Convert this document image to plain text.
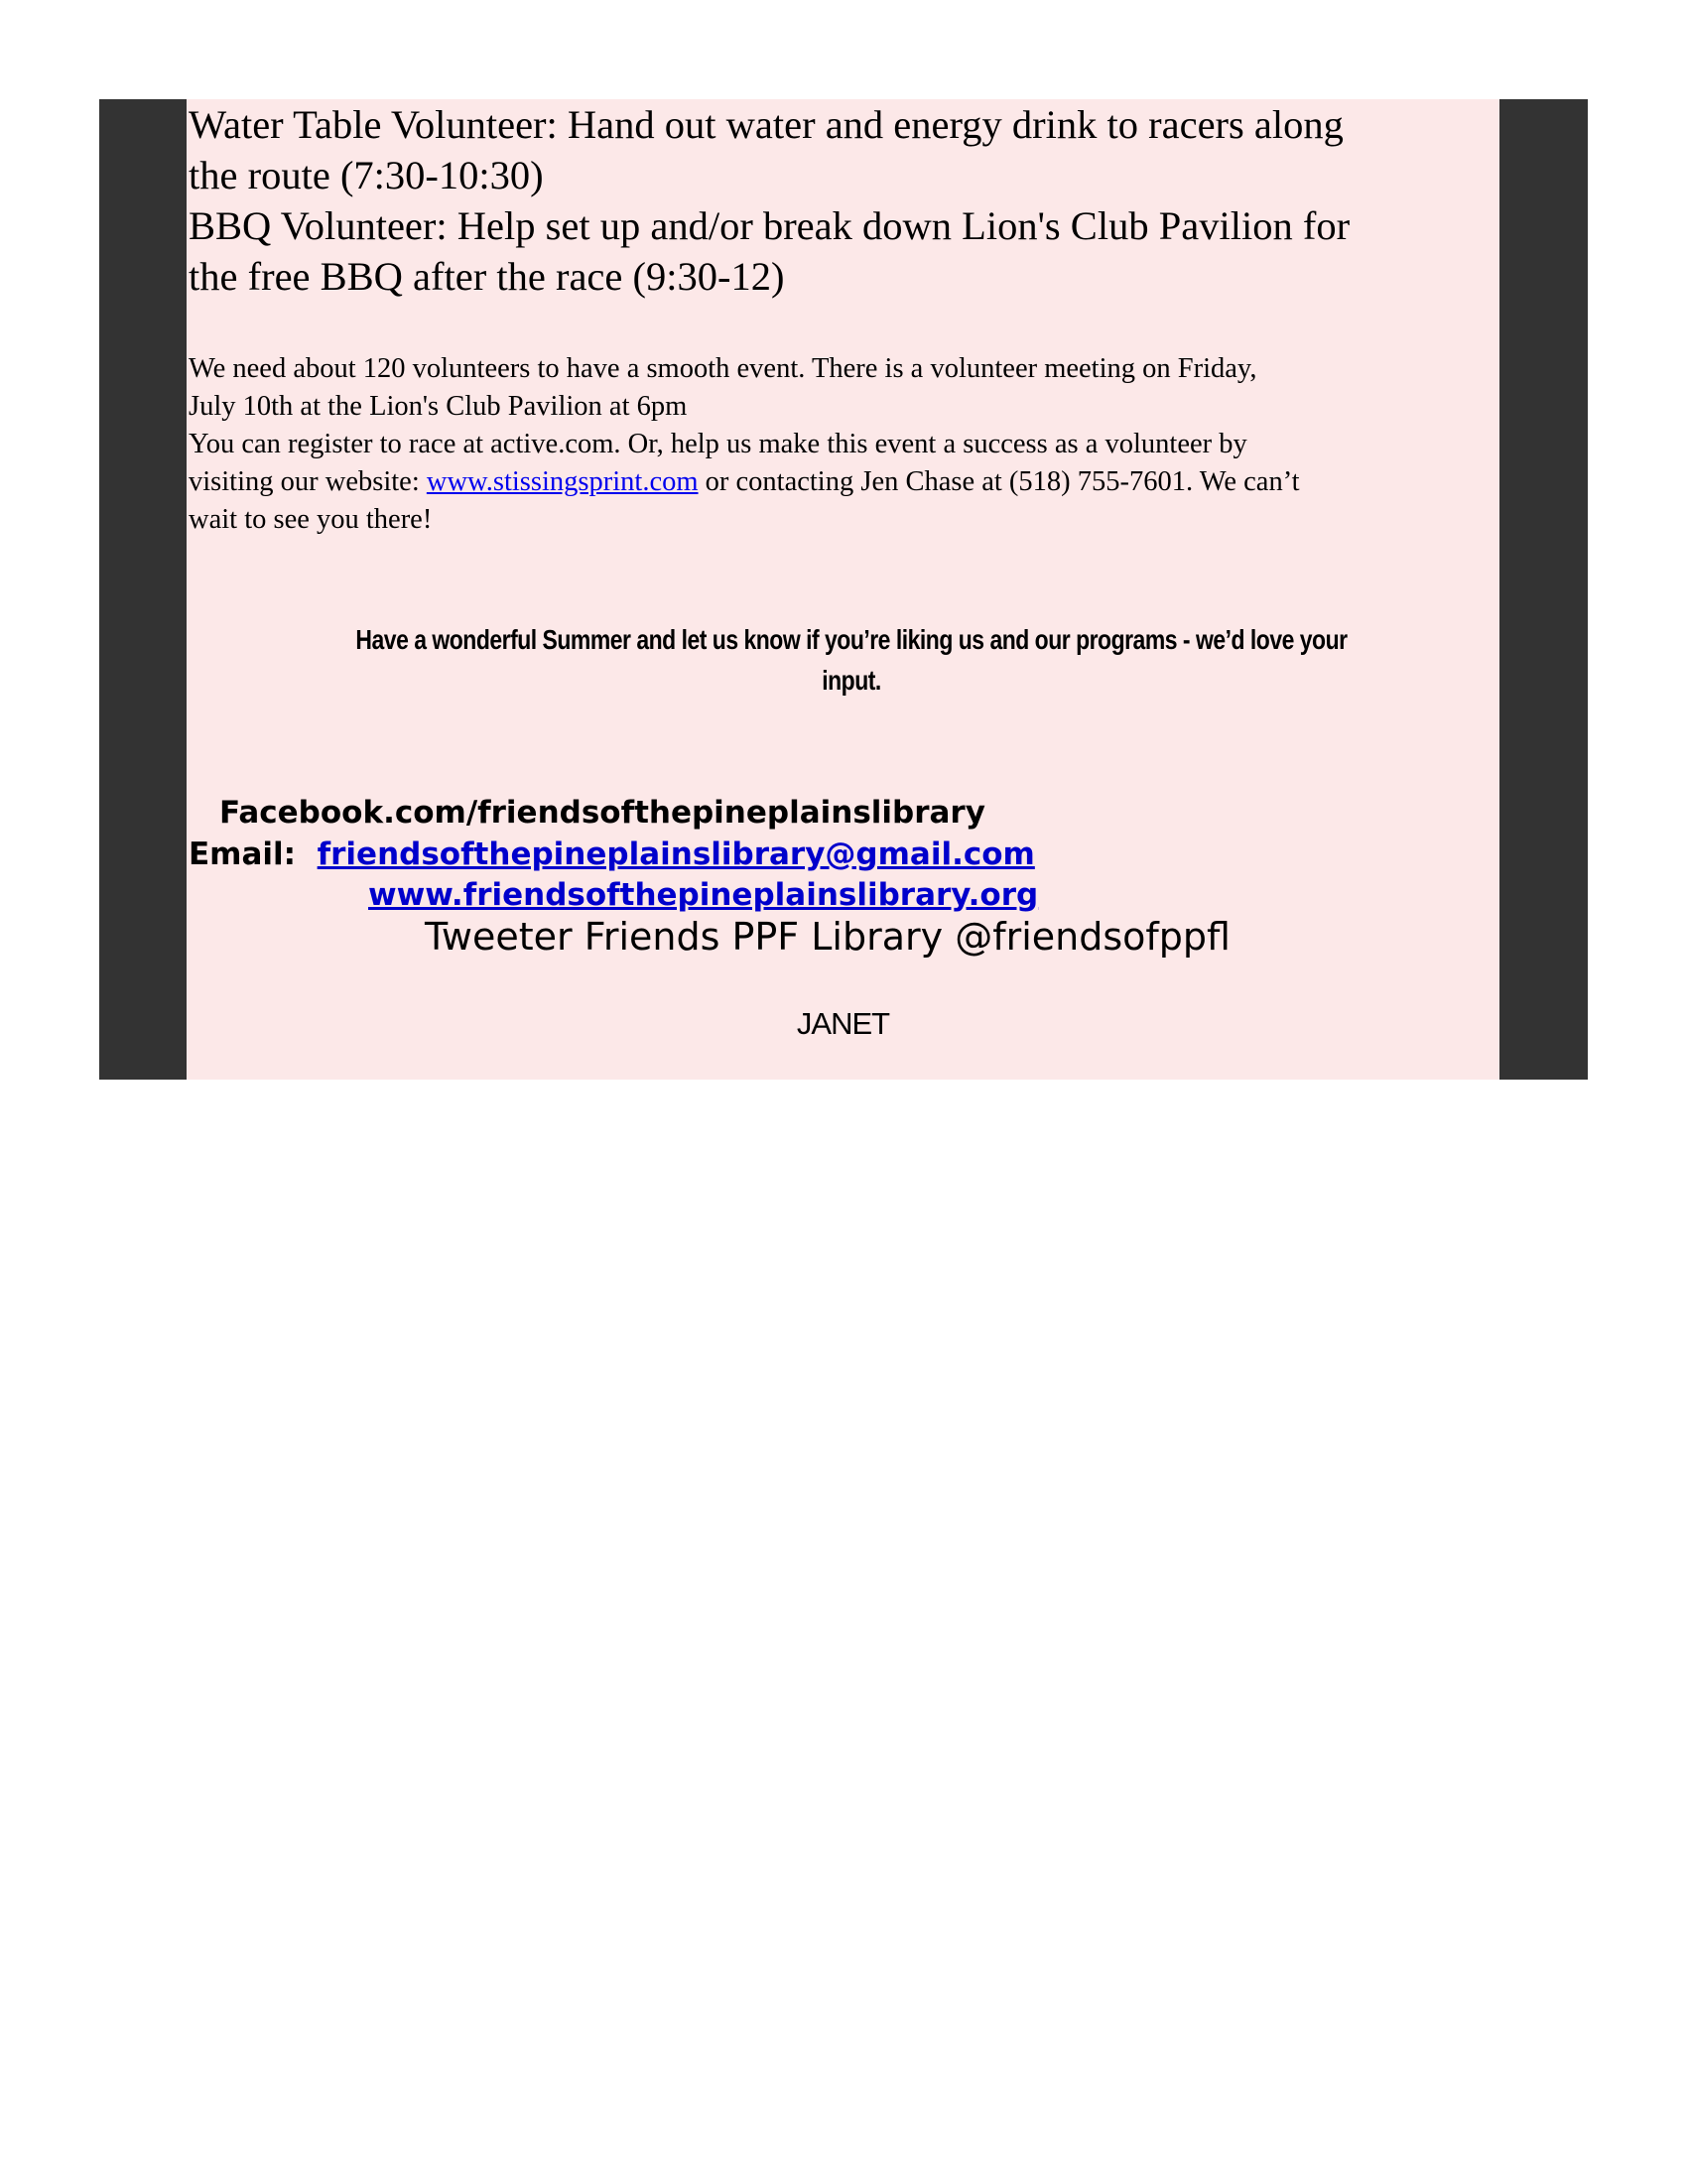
Water Table Volunteer: Hand out water and energy drink to racers along
the route (7:30-10:30)

BBQ Volunteer: Help set up and/or break down Lion's Club Pavilion for
the free BBQ after the race (9:30-12)

We need about 120 volunteers to have a smooth event. There is a volunteer meeting on Friday,
July 10th at the Lion's Club Pavilion at 6pm
You can register to race at active.com. Or, help us make this event a success as a volunteer by
visiting our website: www.stissingsprint.com or contacting Jen Chase at (518) 755-7601. We can’t
wait to see you there!

Have a wonderful Summer and let us know if you’re liking us and our programs - we’d love your
input.

Facebook.com/friendsofthepineplainslibrary

Email: friendsofthepineplainslibrary@gmail.com

www.friendsofthepineplainslibrary.org

Tweeter Friends PPF Library @friendsofppfl

JANET
